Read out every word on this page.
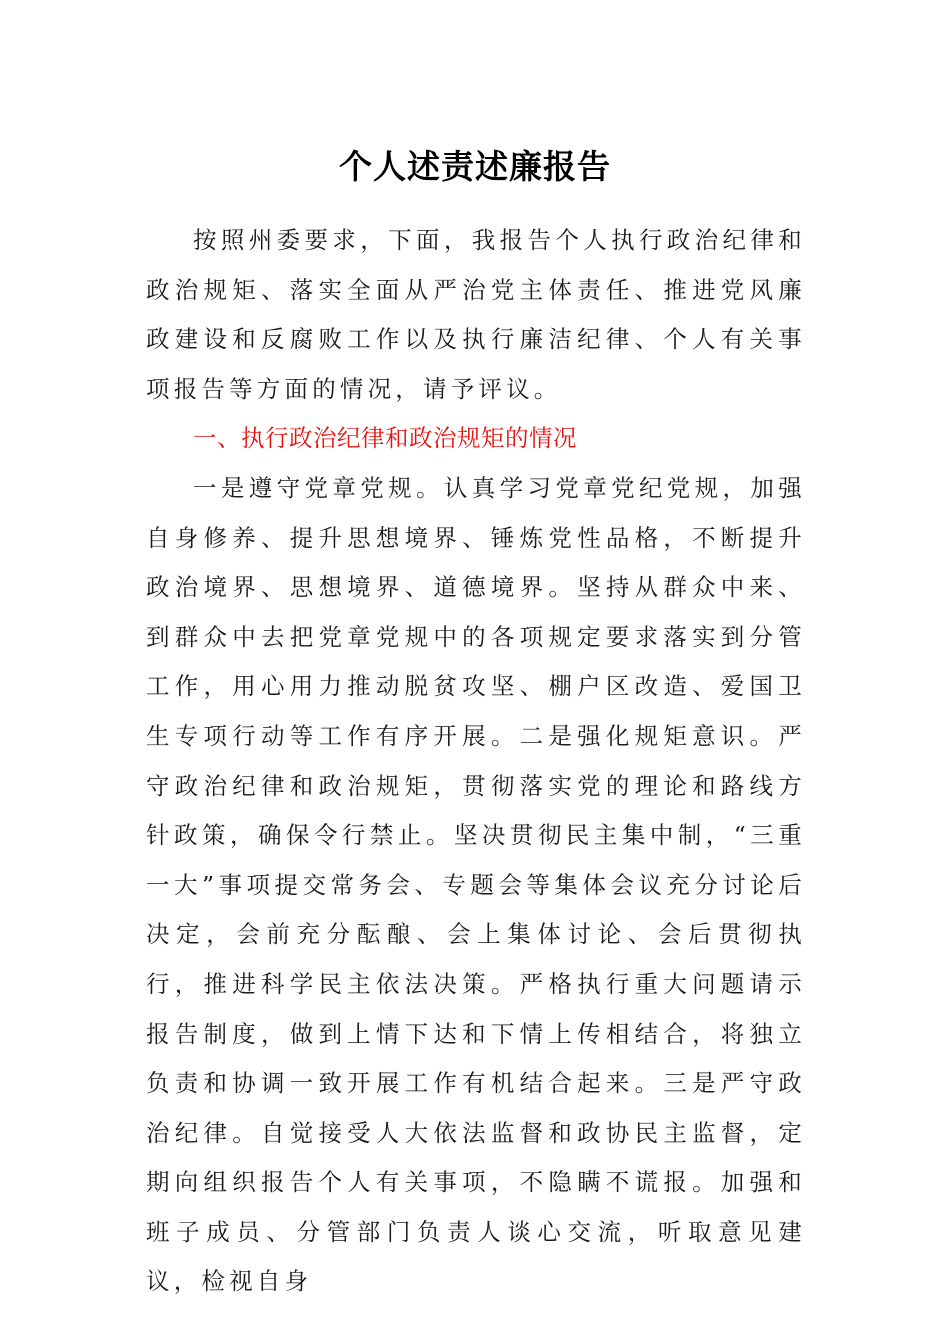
个人述责述廉报告

按照州委要求，下面，我报告个人执行政治纪律和政治规矩、落实全面从严治党主体责任、推进党风廉政建设和反腐败工作以及执行廉洁纪律、个人有关事项报告等方面的情况，请予评议。

一、执行政治纪律和政治规矩的情况

一是遵守党章党规。认真学习党章党纪党规，加强自身修养、提升思想境界、锤炼党性品格，不断提升政治境界、思想境界、道德境界。坚持从群众中来、到群众中去把党章党规中的各项规定要求落实到分管工作，用心用力推动脱贫攻坚、棚户区改造、爱国卫生专项行动等工作有序开展。二是强化规矩意识。严守政治纪律和政治规矩，贯彻落实党的理论和路线方针政策，确保令行禁止。坚决贯彻民主集中制，“三重一大”事项提交常务会、专题会等集体会议充分讨论后决定，会前充分酝酿、会上集体讨论、会后贯彻执行，推进科学民主依法决策。严格执行重大问题请示报告制度，做到上情下达和下情上传相结合，将独立负责和协调一致开展工作有机结合起来。三是严守政治纪律。自觉接受人大依法监督和政协民主监督，定期向组织报告个人有关事项，不隐瞒不谎报。加强和班子成员、分管部门负责人谈心交流，听取意见建议，检视自身
